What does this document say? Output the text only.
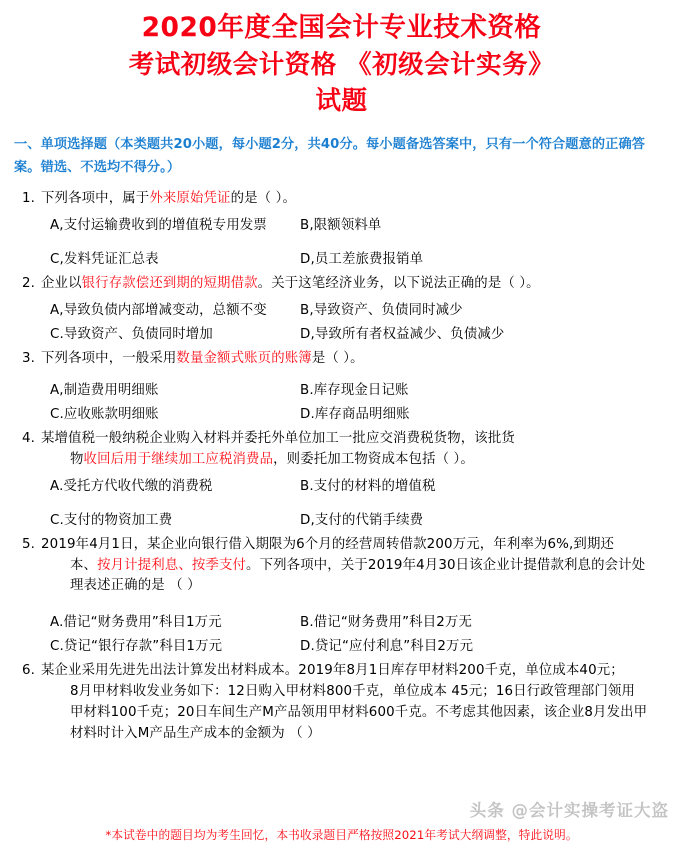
2020年度全国会计专业技术资格
考试初级会计资格 《初级会计实务》
试题
一、单项选择题（本类题共20小题，每小题2分，共40分。每小题备选答案中，只有一个符合题意的正确答案。错选、不选均不得分。）
1. 下列各项中，属于外来原始凭证的是（ ）。
A,支付运输费收到的增值税专用发票 B,限额领料单
C,发料凭证汇总表	D,员工差旅费报销单
2. 企业以银行存款偿还到期的短期借款。关于这笔经济业务，以下说法正确的是（ ）。
A,导致负债内部增减变动，总额不变 B,导致资产、负债同时减少
C.导致资产、负债同时增加	D,导致所有者权益减少、负债减少
3. 下列各项中，一般采用数量金额式账页的账簿是（ ）。
A,制造费用明细账	B.库存现金日记账
C.应收账款明细账	D.库存商品明细账
4. 某增值税一般纳税企业购入材料并委托外单位加工一批应交消费税货物，该批货
物收回后用于继续加工应税消费品，则委托加工物资成本包括（ ）。
A.受托方代收代缴的消费税	B.支付的材料的增值税
C.支付的物资加工费	D,支付的代销手续费
5. 2019年4月1日，某企业向银行借入期限为6个月的经营周转借款200万元，年利率为6%,到期还
本、按月计提利息、按季支付。下列各项中，关于2019年4月30日该企业计提借款利息的会计处
理表述正确的是 （ ）
A.借记“财务费用”科目1万元	B.借记“财务费用”科目2万无
C.贷记“银行存款”科目1万元	D.贷记“应付利息”科目2万元
6. 某企业采用先进先出法计算发出材料成本。2019年8月1日库存甲材料200千克，单位成本40元；
8月甲材料收发业务如下：12日购入甲材料800千克，单位成本 45元；16日行政管理部门领用
甲材料100千克；20日车间生产M产品领用甲材料600千克。不考虑其他因素，该企业8月发出甲
材料时计入M产品生产成本的金额为 （ ）
头条 @会计实操考证大盗
*本试卷中的题目均为考生回忆，本书收录题目严格按照2021年考试大纲调整，特此说明。
